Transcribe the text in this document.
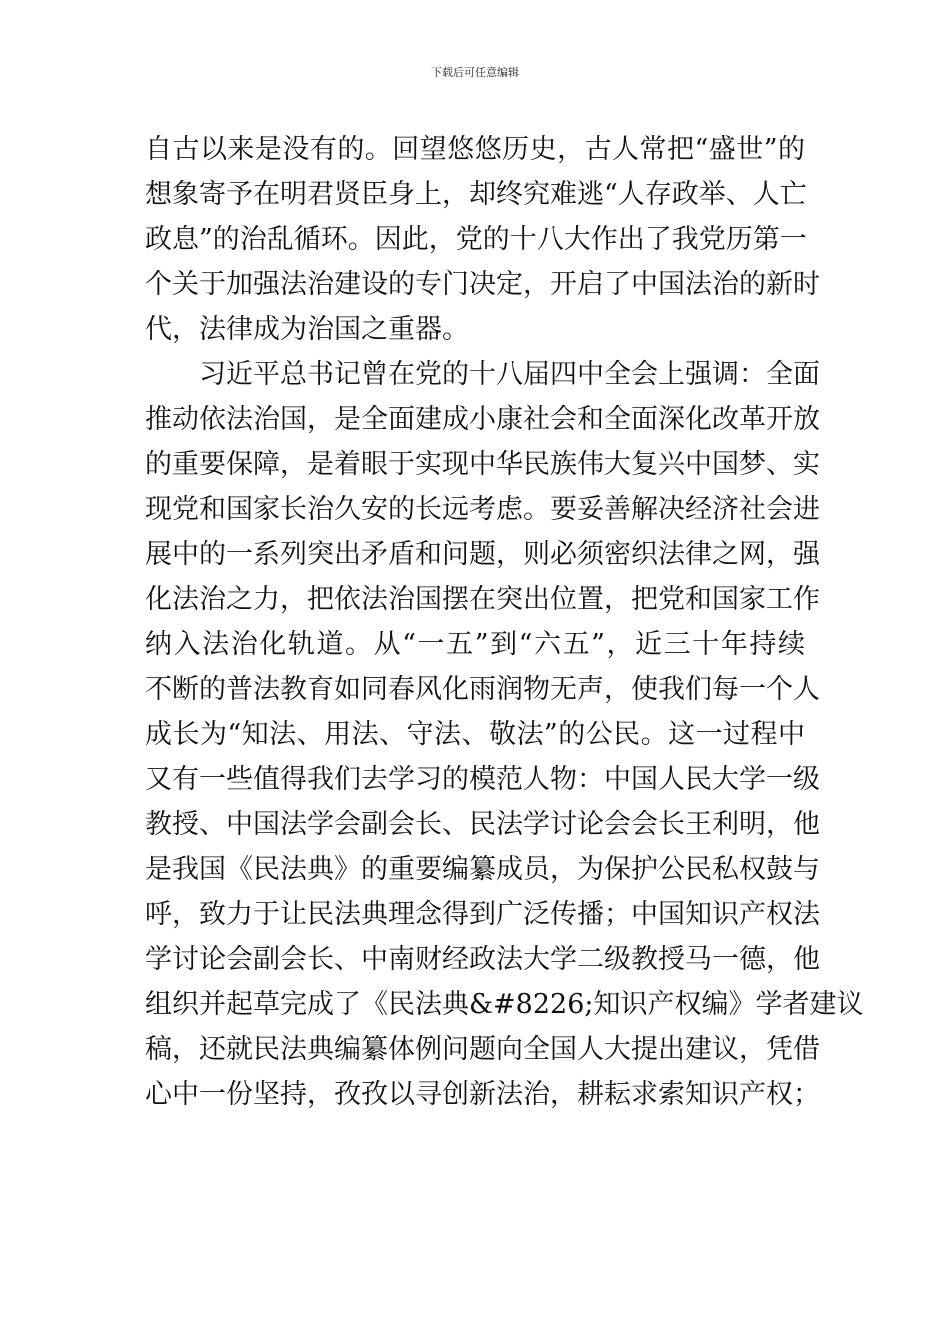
下载后可任意编辑
自古以来是没有的。回望悠悠历史，古人常把“盛世”的
想象寄予在明君贤臣身上，却终究难逃“人存政举、人亡
政息”的治乱循环。因此，党的十八大作出了我党历第一
个关于加强法治建设的专门决定，开启了中国法治的新时
代，法律成为治国之重器。
习近平总书记曾在党的十八届四中全会上强调：全面
推动依法治国，是全面建成小康社会和全面深化改革开放
的重要保障，是着眼于实现中华民族伟大复兴中国梦、实
现党和国家长治久安的长远考虑。要妥善解决经济社会进
展中的一系列突出矛盾和问题，则必须密织法律之网，强
化法治之力，把依法治国摆在突出位置，把党和国家工作
纳入法治化轨道。从“一五”到“六五”，近三十年持续
不断的普法教育如同春风化雨润物无声，使我们每一个人
成长为“知法、用法、守法、敬法”的公民。这一过程中
又有一些值得我们去学习的模范人物：中国人民大学一级
教授、中国法学会副会长、民法学讨论会会长王利明，他
是我国《民法典》的重要编纂成员，为保护公民私权鼓与
呼，致力于让民法典理念得到广泛传播；中国知识产权法
学讨论会副会长、中南财经政法大学二级教授马一德，他
组织并起草完成了《民法典&#8226;知识产权编》学者建议
稿，还就民法典编纂体例问题向全国人大提出建议，凭借
心中一份坚持，孜孜以寻创新法治，耕耘求索知识产权；
